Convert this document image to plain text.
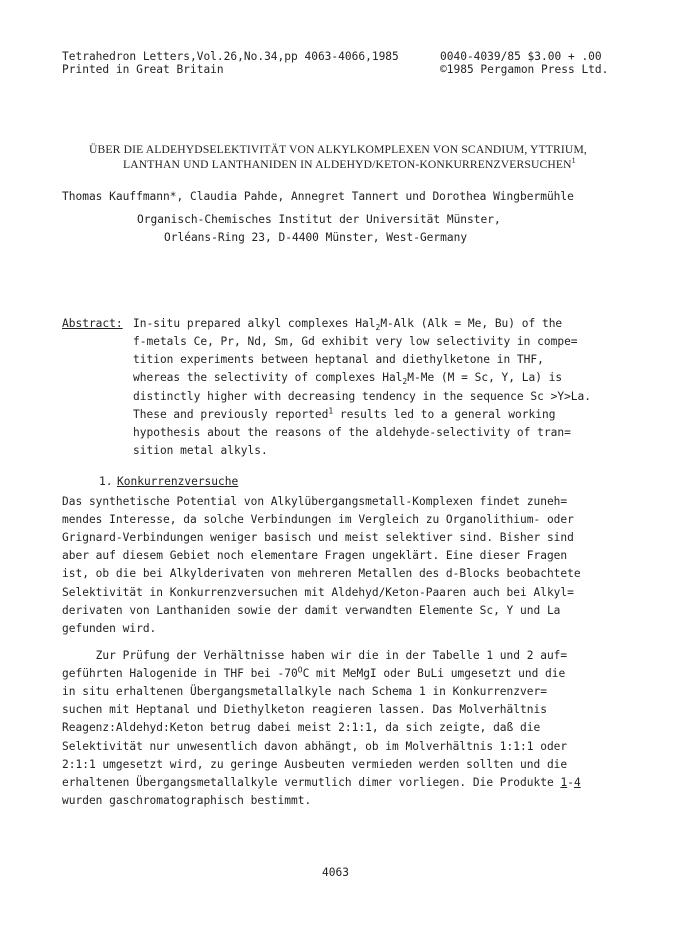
Tetrahedron Letters,Vol.26,No.34,pp 4063-4066,1985	0040-4039/85 $3.00 + .00
Printed in Great Britain	©1985 Pergamon Press Ltd.
ÜBER DIE ALDEHYDSELEKTIVITÄT VON ALKYLKOMPLEXEN VON SCANDIUM, YTTRIUM,
LANTHAN UND LANTHANIDEN IN ALDEHYD/KETON-KONKURRENZVERSUCHEN$^1$
Thomas Kauffmann*, Claudia Pahde, Annegret Tannert und Dorothea Wingbermühle
Organisch-Chemisches Institut der Universität Münster,
Orléans-Ring 23, D-4400 Münster, West-Germany
Abstract: In-situ prepared alkyl complexes Hal$_2$M-Alk (Alk = Me, Bu) of the
f-metals Ce, Pr, Nd, Sm, Gd exhibit very low selectivity in compe=
tition experiments between heptanal and diethylketone in THF,
whereas the selectivity of complexes Hal$_2$M-Me (M = Sc, Y, La) is
distinctly higher with decreasing tendency in the sequence Sc >Y>La.
These and previously reported$^1$ results led to a general working
hypothesis about the reasons of the aldehyde-selectivity of tran=
sition metal alkyls.
1. Konkurrenzversuche
Das synthetische Potential von Alkylübergangsmetall-Komplexen findet zuneh=
mendes Interesse, da solche Verbindungen im Vergleich zu Organolithium- oder
Grignard-Verbindungen weniger basisch und meist selektiver sind. Bisher sind
aber auf diesem Gebiet noch elementare Fragen ungeklärt. Eine dieser Fragen
ist, ob die bei Alkylderivaten von mehreren Metallen des d-Blocks beobachtete
Selektivität in Konkurrenzversuchen mit Aldehyd/Keton-Paaren auch bei Alkyl=
derivaten von Lanthaniden sowie der damit verwandten Elemente Sc, Y und La
gefunden wird.
Zur Prüfung der Verhältnisse haben wir die in der Tabelle 1 und 2 auf=
geführten Halogenide in THF bei $-70^OC$ mit MeMgI oder BuLi umgesetzt und die
in situ erhaltenen Übergangsmetallalkyle nach Schema 1 in Konkurrenzver=
suchen mit Heptanal und Diethylketon reagieren lassen. Das Molverhältnis
Reagenz:Aldehyd:Keton betrug dabei meist 2:1:1, da sich zeigte, daß die
Selektivität nur unwesentlich davon abhängt, ob im Molverhältnis 1:1:1 oder
2:1:1 umgesetzt wird, zu geringe Ausbeuten vermieden werden sollten und die
erhaltenen Übergangsmetallalkyle vermutlich dimer vorliegen. Die Produkte 1-4
wurden gaschromatographisch bestimmt.
4063
